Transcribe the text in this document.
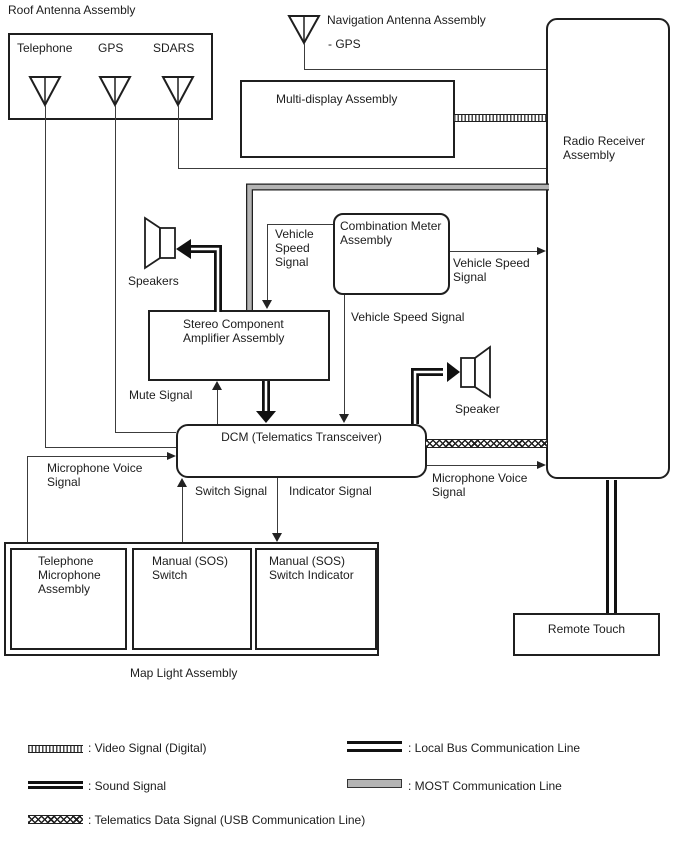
Roof Antenna Assembly
Telephone GPS SDARS
Navigation Antenna Assembly
- GPS
Multi-display Assembly
Radio Receiver Assembly
Combination Meter Assembly
Vehicle Speed Signal	Vehicle Speed Signal
Vehicle Speed Signal
Stereo Component Amplifier Assembly
Speakers
Mute Signal
Speaker
DCM (Telematics Transceiver)
Microphone Voice Signal
Microphone Voice Signal
Switch Signal Indicator Signal
Telephone Microphone Assembly
Manual (SOS) Switch
Manual (SOS) Switch Indicator
Map Light Assembly
Remote Touch
: Video Signal (Digital)
: Sound Signal
: Telematics Data Signal (USB Communication Line)
: Local Bus Communication Line
: MOST Communication Line
